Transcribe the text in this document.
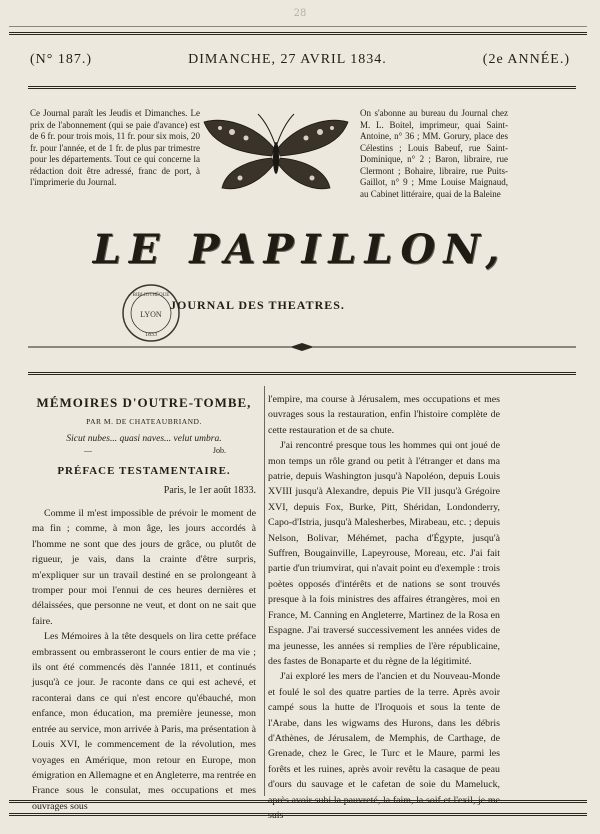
28
(N° 187.)	DIMANCHE, 27 AVRIL 1834.	(2e ANNÉE.)
Ce Journal paraît les Jeudis et Dimanches. Le prix de l'abonnement (qui se paie d'avance) est de 6 fr. pour trois mois, 11 fr. pour six mois, 20 fr. pour l'année, et de 1 fr. de plus par trimestre pour les départements. Tout ce qui concerne la rédaction doit être adressé, franc de port, à l'imprimerie du Journal.
On s'abonne au bureau du Journal chez M. L. Boitel, imprimeur, quai Saint-Antoine, n° 36 ; MM. Gorury, place des Célestins ; Louis Babeuf, rue Saint-Dominique, n° 2 ; Baron, libraire, rue Clermont ; Bohaire, libraire, rue Puits-Gaillot, n° 9 ; Mme Louise Maignaud, au Cabinet littéraire, quai de la Baleine
LE PAPILLON,
LYON
BIBLIOTHÈQUE
1833
JOURNAL DES THEATRES.
MÉMOIRES D'OUTRE-TOMBE,
PAR M. DE CHATEAUBRIAND.
Sicut nubes... quasi naves... velut umbra.
—	Job.
PRÉFACE TESTAMENTAIRE.
Paris, le 1er août 1833.

Comme il m'est impossible de prévoir le moment de ma fin ; comme, à mon âge, les jours accordés à l'homme ne sont que des jours de grâce, ou plutôt de rigueur, je vais, dans la crainte d'être surpris, m'expliquer sur un travail destiné en se prolongeant à tromper pour moi l'ennui de ces heures dernières et délaissées, que personne ne veut, et dont on ne sait que faire.

Les Mémoires à la tête desquels on lira cette préface embrassent ou embrasseront le cours entier de ma vie ; ils ont été commencés dès l'année 1811, et continués jusqu'à ce jour. Je raconte dans ce qui est achevé, et raconterai dans ce qui n'est encore qu'ébauché, mon enfance, mon éducation, ma première jeunesse, mon entrée au service, mon arrivée à Paris, ma présentation à Louis XVI, le commencement de la révolution, mes voyages en Amérique, mon retour en Europe, mon émigration en Allemagne et en Angleterre, ma rentrée en France sous le consulat, mes occupations et mes ouvrages sous

l'empire, ma course à Jérusalem, mes occupations et mes ouvrages sous la restauration, enfin l'histoire complète de cette restauration et de sa chute.

J'ai rencontré presque tous les hommes qui ont joué de mon temps un rôle grand ou petit à l'étranger et dans ma patrie, depuis Washington jusqu'à Napoléon, depuis Louis XVIII jusqu'à Alexandre, depuis Pie VII jusqu'à Grégoire XVI, depuis Fox, Burke, Pitt, Shéridan, Londonderry, Capo-d'Istria, jusqu'à Malesherbes, Mirabeau, etc. ; depuis Nelson, Bolivar, Méhémet, pacha d'Égypte, jusqu'à Suffren, Bougainville, Lapeyrouse, Moreau, etc. J'ai fait partie d'un triumvirat, qui n'avait point eu d'exemple : trois poètes opposés d'intérêts et de nations se sont trouvés presque à la fois ministres des affaires étrangères, moi en France, M. Canning en Angleterre, Martinez de la Rosa en Espagne. J'ai traversé successivement les années vides de ma jeunesse, les années si remplies de l'ère républicaine, des fastes de Bonaparte et du règne de la légitimité.

J'ai exploré les mers de l'ancien et du Nouveau-Monde et foulé le sol des quatre parties de la terre. Après avoir campé sous la hutte de l'Iroquois et sous la tente de l'Arabe, dans les wigwams des Hurons, dans les débris d'Athènes, de Jérusalem, de Memphis, de Carthage, de Grenade, chez le Grec, le Turc et le Maure, parmi les forêts et les ruines, après avoir revêtu la casaque de peau d'ours du sauvage et le cafetan de soie du Mameluck, après avoir subi la pauvreté, la faim, la soif et l'exil, je me suis
